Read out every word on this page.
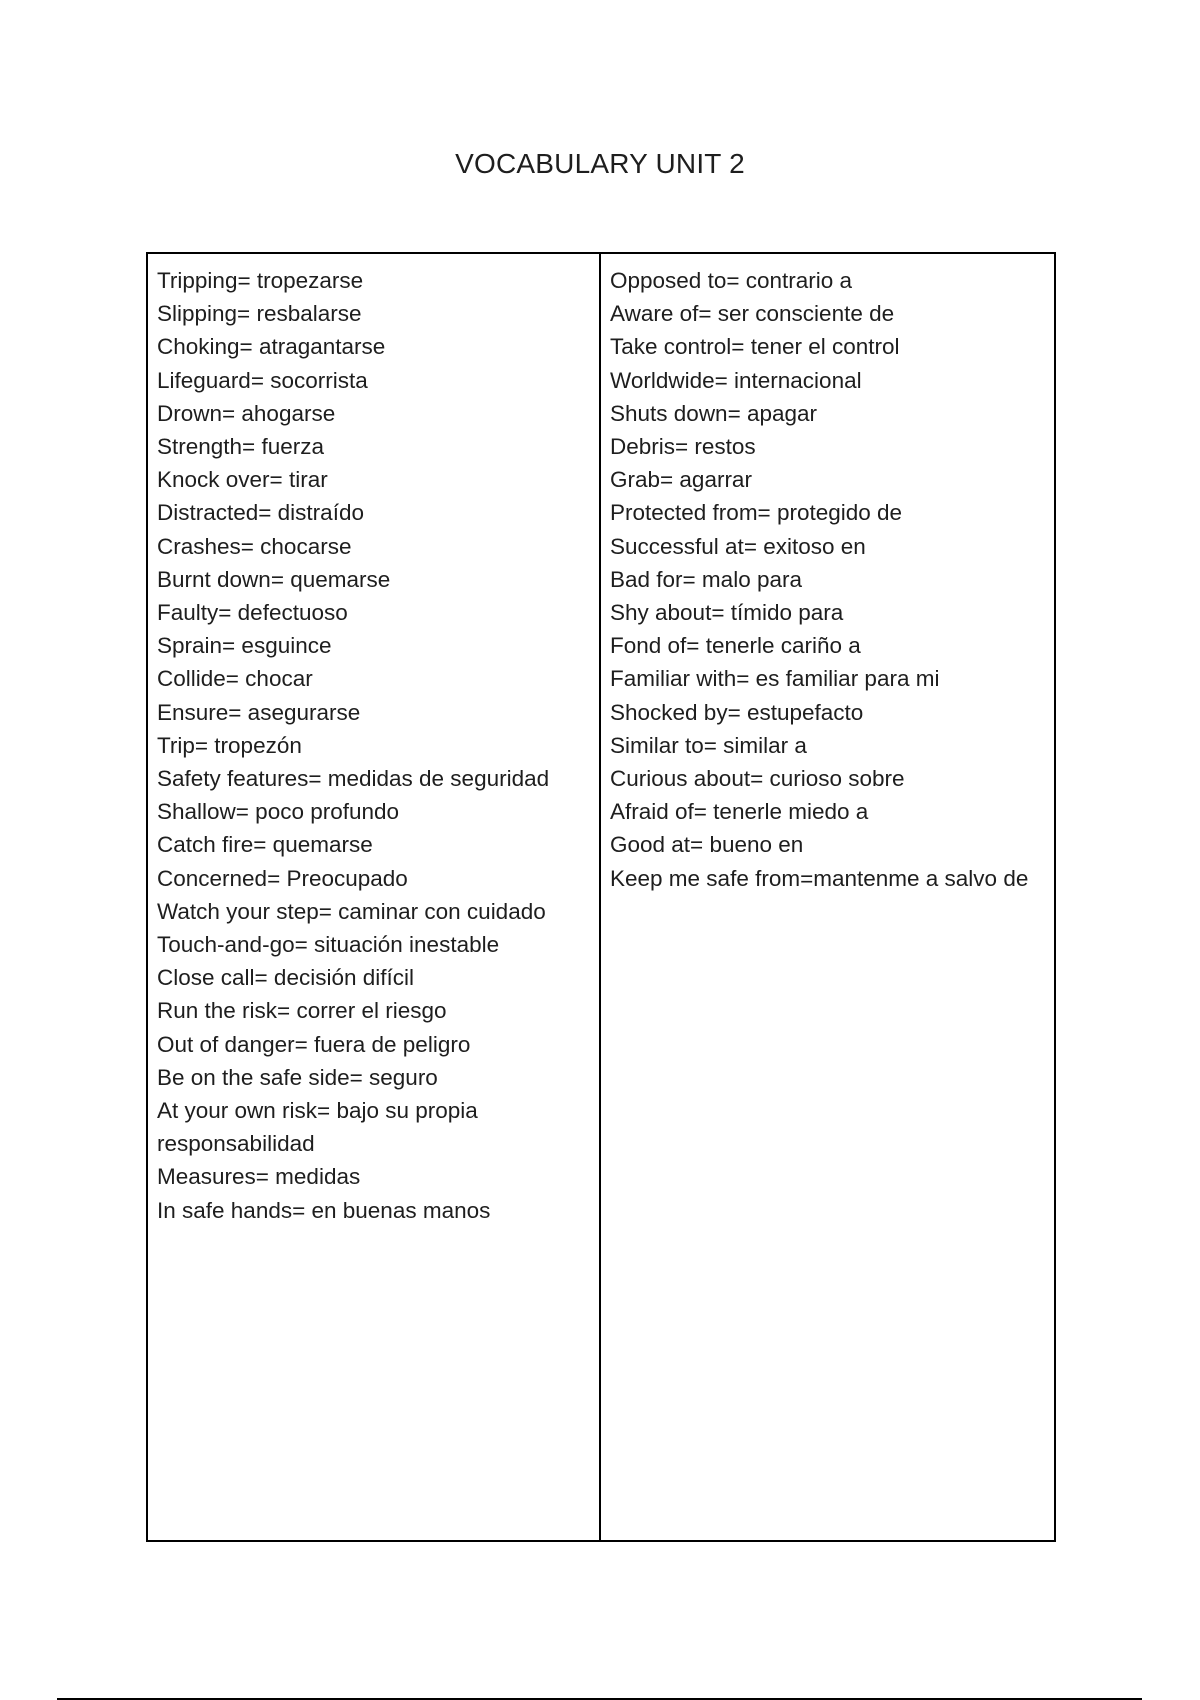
VOCABULARY UNIT 2
Tripping= tropezarse
Slipping= resbalarse
Choking= atragantarse
Lifeguard= socorrista
Drown= ahogarse
Strength= fuerza
Knock over= tirar
Distracted= distraído
Crashes= chocarse
Burnt down= quemarse
Faulty= defectuoso
Sprain= esguince
Collide= chocar
Ensure= asegurarse
Trip= tropezón
Safety features= medidas de seguridad
Shallow= poco profundo
Catch fire= quemarse
Concerned= Preocupado
Watch your step= caminar con cuidado
Touch-and-go= situación inestable
Close call= decisión difícil
Run the risk= correr el riesgo
Out of danger= fuera de peligro
Be on the safe side= seguro
At your own risk= bajo su propia responsabilidad
Measures= medidas
In safe hands= en buenas manos
Opposed to= contrario a
Aware of= ser consciente de
Take control= tener el control
Worldwide= internacional
Shuts down= apagar
Debris= restos
Grab= agarrar
Protected from= protegido de
Successful at= exitoso en
Bad for= malo para
Shy about= tímido para
Fond of= tenerle cariño a
Familiar with= es familiar para mi
Shocked by= estupefacto
Similar to= similar a
Curious about= curioso sobre
Afraid of= tenerle miedo a
Good at= bueno en
Keep me safe from=mantenme a salvo de
